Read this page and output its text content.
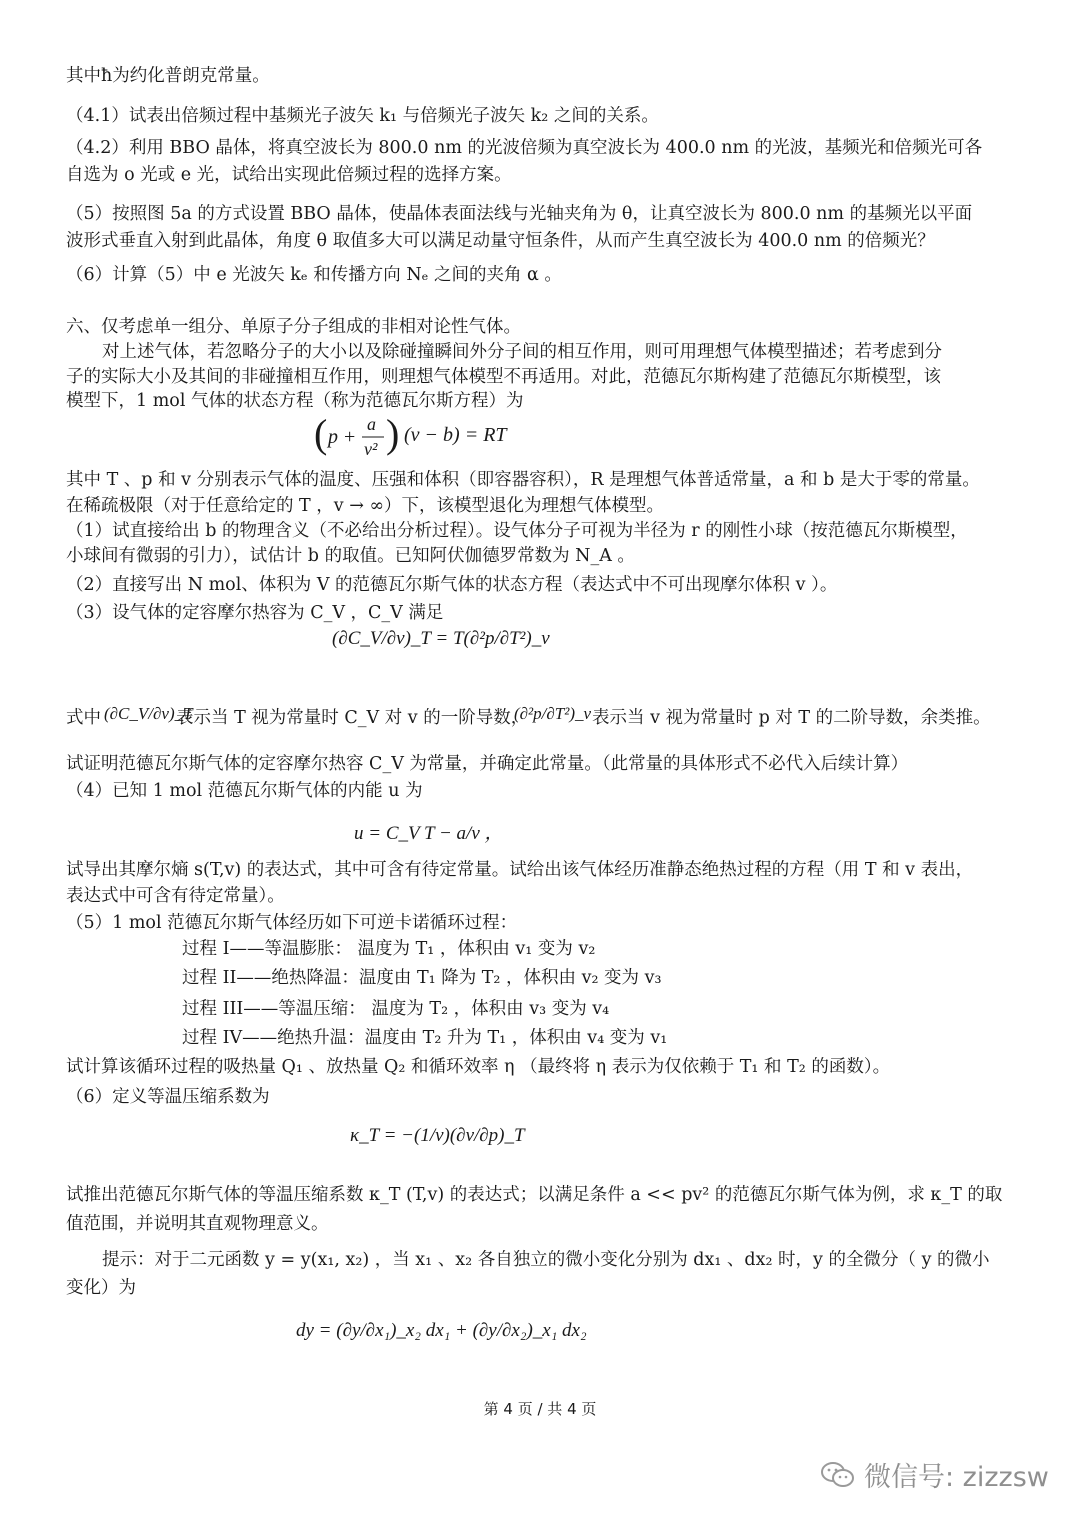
其中ħ为约化普朗克常量。
（4.1）试表出倍频过程中基频光子波矢 k₁ 与倍频光子波矢 k₂ 之间的关系。
（4.2）利用 BBO 晶体，将真空波长为 800.0 nm 的光波倍频为真空波长为 400.0 nm 的光波，基频光和倍频光可各
自选为 o 光或 e 光，试给出实现此倍频过程的选择方案。
（5）按照图 5a 的方式设置 BBO 晶体，使晶体表面法线与光轴夹角为 θ，让真空波长为 800.0 nm 的基频光以平面
波形式垂直入射到此晶体，角度 θ 取值多大可以满足动量守恒条件，从而产生真空波长为 400.0 nm 的倍频光？
（6）计算（5）中 e 光波矢 kₑ 和传播方向 Nₑ 之间的夹角 α 。
六、仅考虑单一组分、单原子分子组成的非相对论性气体。
对上述气体，若忽略分子的大小以及除碰撞瞬间外分子间的相互作用，则可用理想气体模型描述；若考虑到分
子的实际大小及其间的非碰撞相互作用，则理想气体模型不再适用。对此，范德瓦尔斯构建了范德瓦尔斯模型，该
模型下，1 mol 气体的状态方程（称为范德瓦尔斯方程）为
( p +
a
v² ) (v − b) = RT
其中 T 、p 和 v 分别表示气体的温度、压强和体积（即容器容积），R 是理想气体普适常量，a 和 b 是大于零的常量。
在稀疏极限（对于任意给定的 T ，v → ∞）下，该模型退化为理想气体模型。
（1）试直接给出 b 的物理含义（不必给出分析过程）。设气体分子可视为半径为 r 的刚性小球（按范德瓦尔斯模型，
小球间有微弱的引力），试估计 b 的取值。已知阿伏伽德罗常数为 N_A 。
（2）直接写出 N mol、体积为 V 的范德瓦尔斯气体的状态方程（表达式中不可出现摩尔体积 v ）。
（3）设气体的定容摩尔热容为 C_V ，C_V 满足
(∂C_V/∂v)_T = T(∂²p/∂T²)_v
式中 (∂C_V/∂v)_T
表示当 T 视为常量时 C_V 对 v 的一阶导数，
(∂²p/∂T²)_v 表示当 v 视为常量时 p 对 T 的二阶导数，余类推。
试证明范德瓦尔斯气体的定容摩尔热容 C_V 为常量，并确定此常量。（此常量的具体形式不必代入后续计算）
（4）已知 1 mol 范德瓦尔斯气体的内能 u 为
u = C_V T − a/v ，
试导出其摩尔熵 s(T,v) 的表达式，其中可含有待定常量。试给出该气体经历准静态绝热过程的方程（用 T 和 v 表出，
表达式中可含有待定常量）。
（5）1 mol 范德瓦尔斯气体经历如下可逆卡诺循环过程：
过程 I——等温膨胀： 温度为 T₁ ，体积由 v₁ 变为 v₂
过程 II——绝热降温：温度由 T₁ 降为 T₂ ，体积由 v₂ 变为 v₃
过程 III——等温压缩： 温度为 T₂ ，体积由 v₃ 变为 v₄
过程 IV——绝热升温：温度由 T₂ 升为 T₁ ，体积由 v₄ 变为 v₁
试计算该循环过程的吸热量 Q₁ 、放热量 Q₂ 和循环效率 η （最终将 η 表示为仅依赖于 T₁ 和 T₂ 的函数）。
（6）定义等温压缩系数为
κ_T = −(1/v)(∂v/∂p)_T
试推出范德瓦尔斯气体的等温压缩系数 κ_T (T,v) 的表达式；以满足条件 a << pv² 的范德瓦尔斯气体为例，求 κ_T 的取
值范围，并说明其直观物理意义。
提示：对于二元函数 y = y(x₁, x₂) ，当 x₁ 、x₂ 各自独立的微小变化分别为 dx₁ 、dx₂ 时，y 的全微分（ y 的微小
变化）为
dy = (∂y/∂x₁)_x₂ dx₁ + (∂y/∂x₂)_x₁ dx₂
第 4 页 / 共 4 页
微信号: zizzsw
